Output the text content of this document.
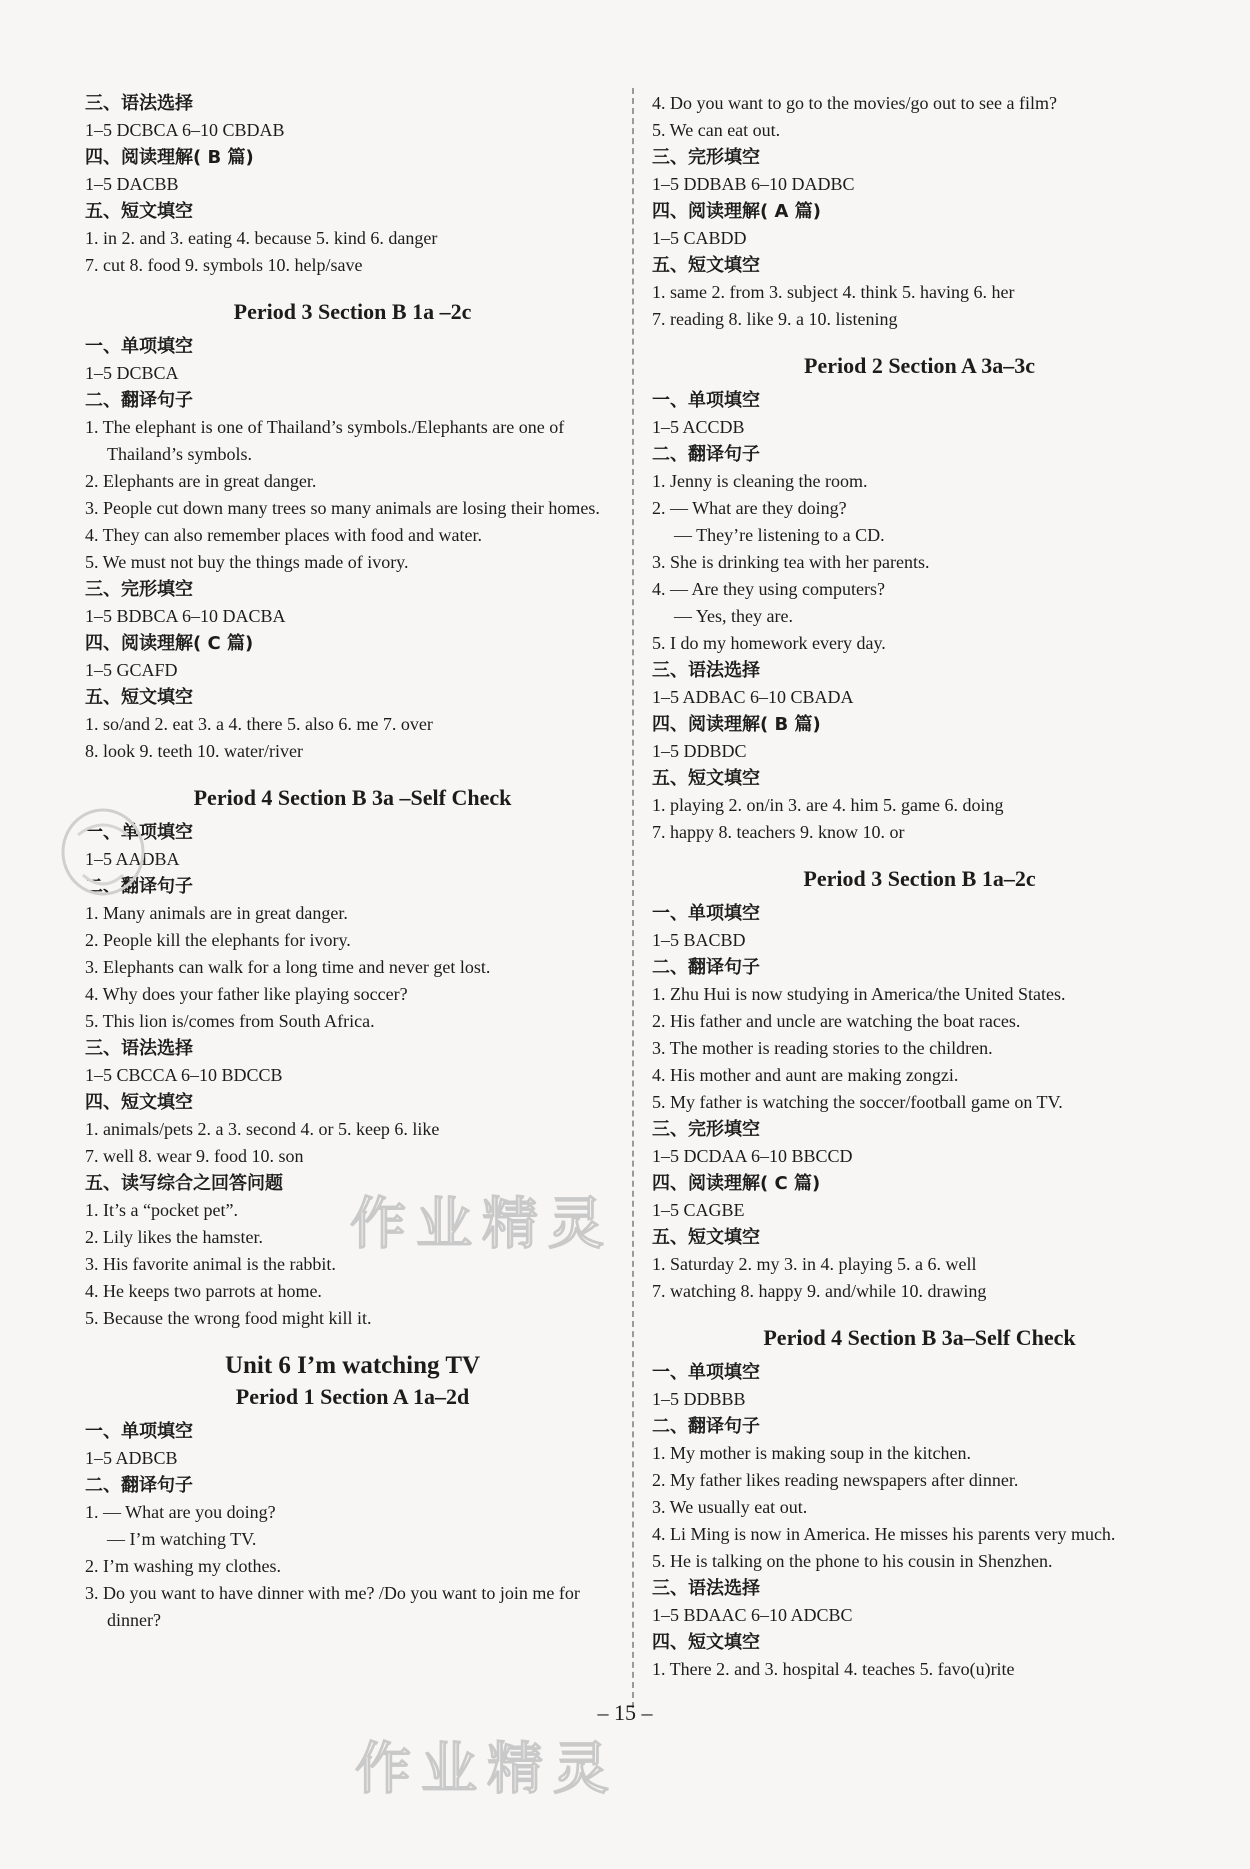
三、语法选择
1–5 DCBCA 6–10 CBDAB
四、阅读理解( B 篇)
1–5 DACBB
五、短文填空
1. in 2. and 3. eating 4. because 5. kind 6. danger
7. cut 8. food 9. symbols 10. help/save
Period 3 Section B 1a –2c
一、单项填空
1–5 DCBCA
二、翻译句子
1. The elephant is one of Thailand’s symbols./Elephants are one of Thailand’s symbols.
2. Elephants are in great danger.
3. People cut down many trees so many animals are losing their homes.
4. They can also remember places with food and water.
5. We must not buy the things made of ivory.
三、完形填空
1–5 BDBCA 6–10 DACBA
四、阅读理解( C 篇)
1–5 GCAFD
五、短文填空
1. so/and 2. eat 3. a 4. there 5. also 6. me 7. over
8. look 9. teeth 10. water/river
Period 4 Section B 3a –Self Check
一、单项填空
1–5 AADBA
二、翻译句子
1. Many animals are in great danger.
2. People kill the elephants for ivory.
3. Elephants can walk for a long time and never get lost.
4. Why does your father like playing soccer?
5. This lion is/comes from South Africa.
三、语法选择
1–5 CBCCA 6–10 BDCCB
四、短文填空
1. animals/pets 2. a 3. second 4. or 5. keep 6. like
7. well 8. wear 9. food 10. son
五、读写综合之回答问题
1. It’s a “pocket pet”.
2. Lily likes the hamster.
3. His favorite animal is the rabbit.
4. He keeps two parrots at home.
5. Because the wrong food might kill it.
Unit 6 I’m watching TV
Period 1 Section A 1a–2d
一、单项填空
1–5 ADBCB
二、翻译句子
1. — What are you doing?
— I’m watching TV.
2. I’m washing my clothes.
3. Do you want to have dinner with me? /Do you want to join me for dinner?
4. Do you want to go to the movies/go out to see a film?
5. We can eat out.
三、完形填空
1–5 DDBAB 6–10 DADBC
四、阅读理解( A 篇)
1–5 CABDD
五、短文填空
1. same 2. from 3. subject 4. think 5. having 6. her
7. reading 8. like 9. a 10. listening
Period 2 Section A 3a–3c
一、单项填空
1–5 ACCDB
二、翻译句子
1. Jenny is cleaning the room.
2. — What are they doing?
— They’re listening to a CD.
3. She is drinking tea with her parents.
4. — Are they using computers?
— Yes, they are.
5. I do my homework every day.
三、语法选择
1–5 ADBAC 6–10 CBADA
四、阅读理解( B 篇)
1–5 DDBDC
五、短文填空
1. playing 2. on/in 3. are 4. him 5. game 6. doing
7. happy 8. teachers 9. know 10. or
Period 3 Section B 1a–2c
一、单项填空
1–5 BACBD
二、翻译句子
1. Zhu Hui is now studying in America/the United States.
2. His father and uncle are watching the boat races.
3. The mother is reading stories to the children.
4. His mother and aunt are making zongzi.
5. My father is watching the soccer/football game on TV.
三、完形填空
1–5 DCDAA 6–10 BBCCD
四、阅读理解( C 篇)
1–5 CAGBE
五、短文填空
1. Saturday 2. my 3. in 4. playing 5. a 6. well
7. watching 8. happy 9. and/while 10. drawing
Period 4 Section B 3a–Self Check
一、单项填空
1–5 DDBBB
二、翻译句子
1. My mother is making soup in the kitchen.
2. My father likes reading newspapers after dinner.
3. We usually eat out.
4. Li Ming is now in America. He misses his parents very much.
5. He is talking on the phone to his cousin in Shenzhen.
三、语法选择
1–5 BDAAC 6–10 ADCBC
四、短文填空
1. There 2. and 3. hospital 4. teaches 5. favo(u)rite
– 15 –
作业精灵
作业精灵
